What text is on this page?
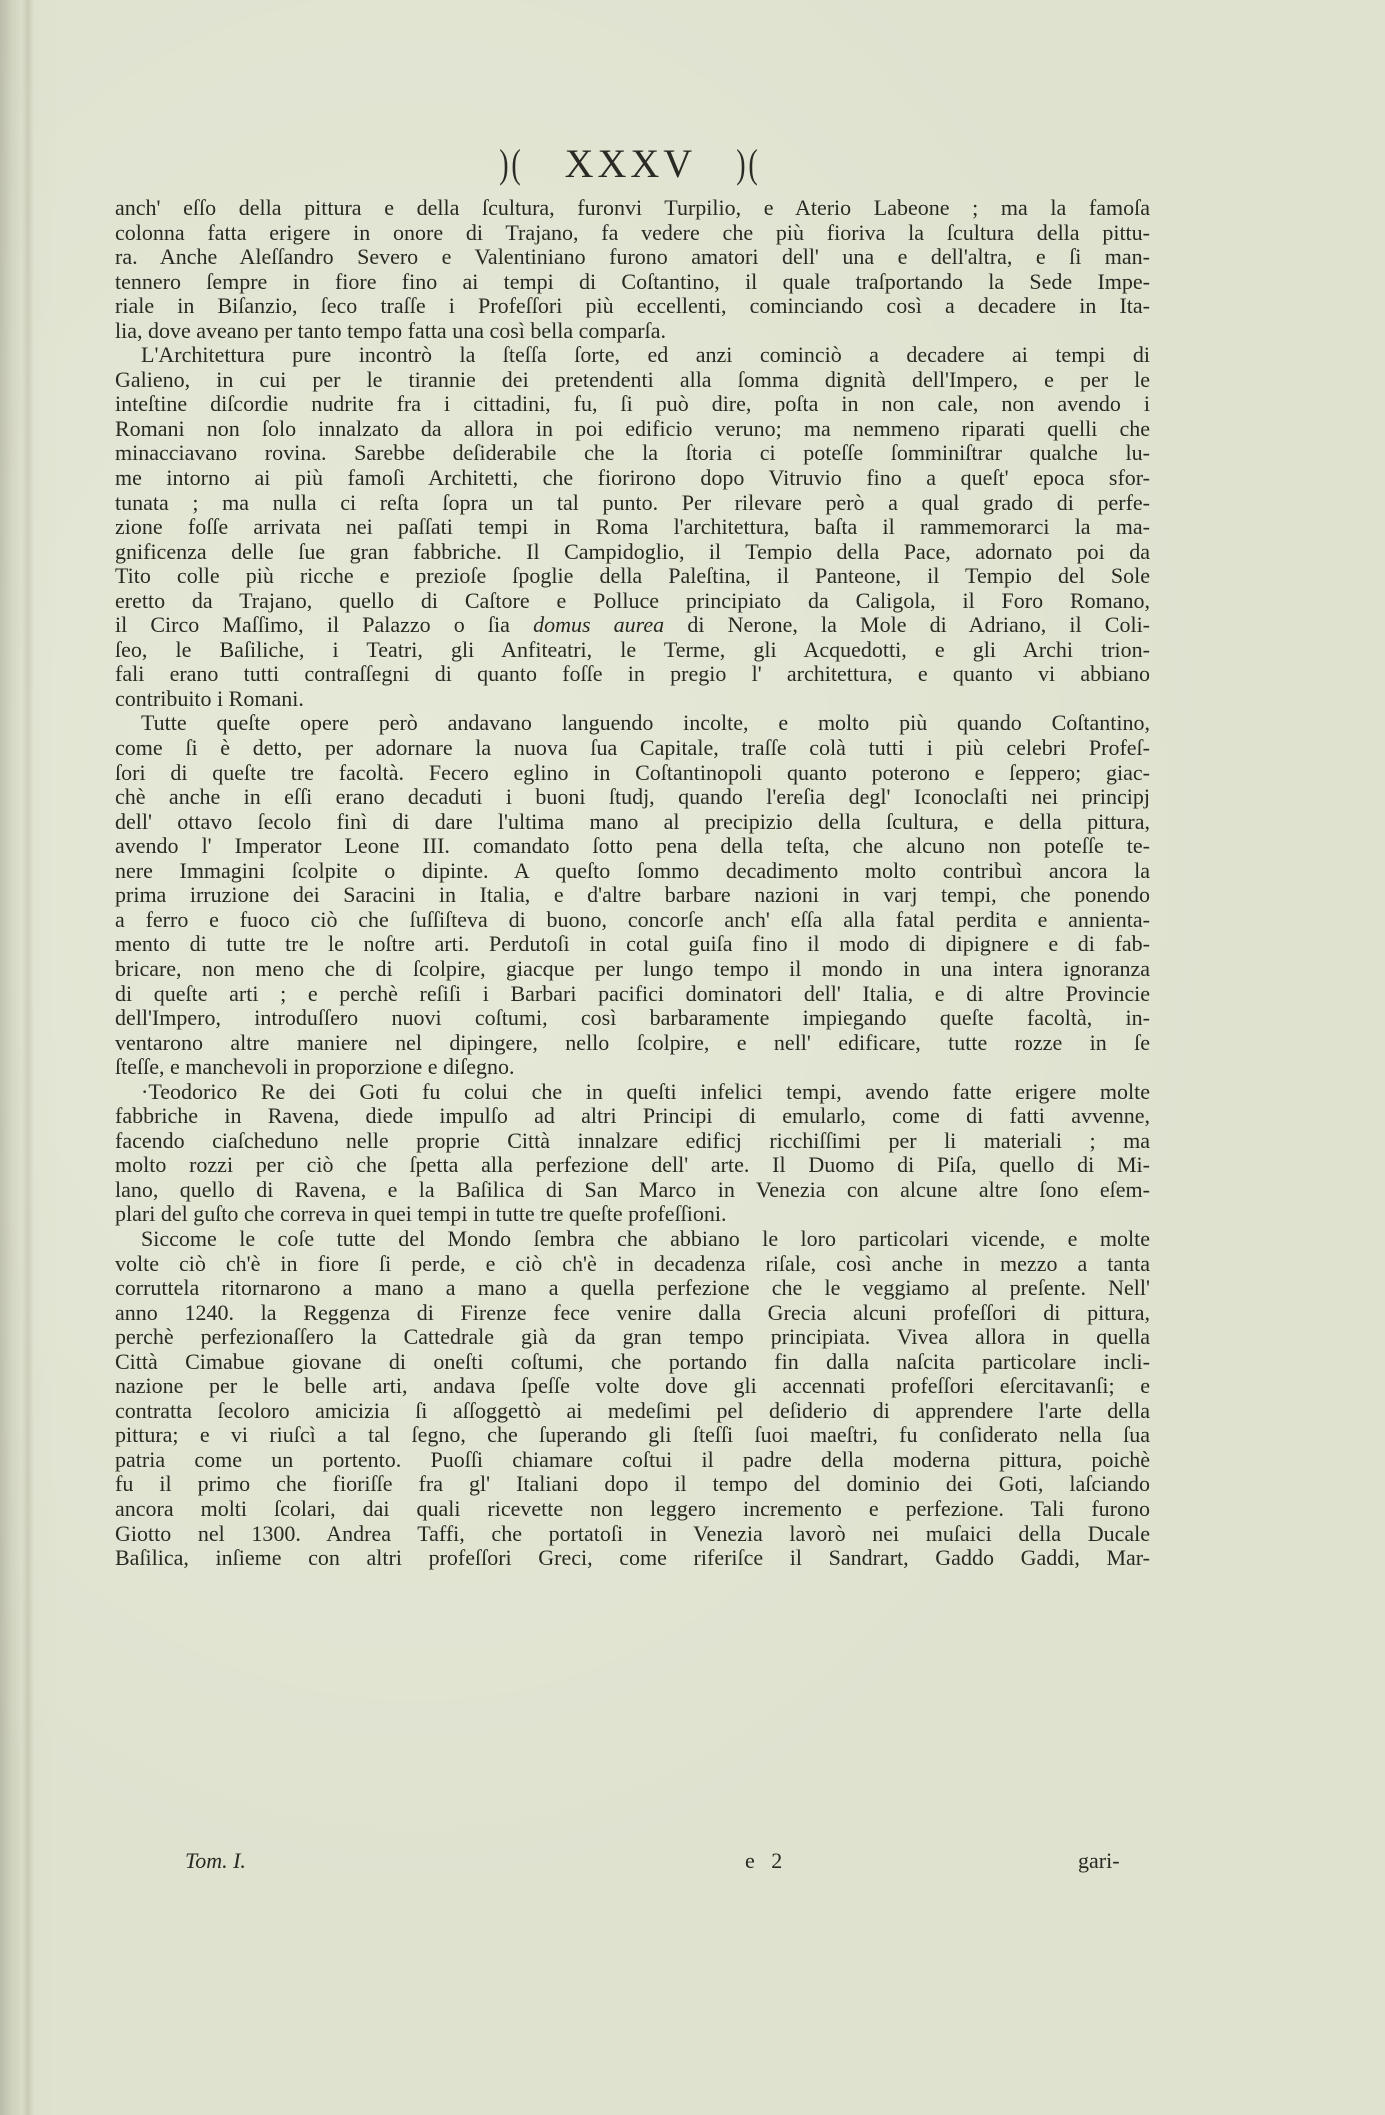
)( XXXV )(
anch' eſſo della pittura e della ſcultura, furonvi Turpilio, e Aterio Labeone ; ma la famoſa
colonna fatta erigere in onore di Trajano, fa vedere che più fioriva la ſcultura della pittu-
ra. Anche Aleſſandro Severo e Valentiniano furono amatori dell' una e dell'altra, e ſi man-
tennero ſempre in fiore fino ai tempi di Coſtantino, il quale traſportando la Sede Impe-
riale in Biſanzio, ſeco traſſe i Profeſſori più eccellenti, cominciando così a decadere in Ita-
lia, dove aveano per tanto tempo fatta una così bella comparſa.
L'Architettura pure incontrò la ſteſſa ſorte, ed anzi cominciò a decadere ai tempi di
Galieno, in cui per le tirannie dei pretendenti alla ſomma dignità dell'Impero, e per le
inteſtine diſcordie nudrite fra i cittadini, fu, ſi può dire, poſta in non cale, non avendo i
Romani non ſolo innalzato da allora in poi edificio veruno; ma nemmeno riparati quelli che
minacciavano rovina. Sarebbe deſiderabile che la ſtoria ci poteſſe ſomminiſtrar qualche lu-
me intorno ai più famoſi Architetti, che fiorirono dopo Vitruvio fino a queſt' epoca sfor-
tunata ; ma nulla ci reſta ſopra un tal punto. Per rilevare però a qual grado di perfe-
zione foſſe arrivata nei paſſati tempi in Roma l'architettura, baſta il rammemorarci la ma-
gnificenza delle ſue gran fabbriche. Il Campidoglio, il Tempio della Pace, adornato poi da
Tito colle più ricche e prezioſe ſpoglie della Paleſtina, il Panteone, il Tempio del Sole
eretto da Trajano, quello di Caſtore e Polluce principiato da Caligola, il Foro Romano,
il Circo Maſſimo, il Palazzo o ſia domus aurea di Nerone, la Mole di Adriano, il Coli-
ſeo, le Baſiliche, i Teatri, gli Anfiteatri, le Terme, gli Acquedotti, e gli Archi trion-
fali erano tutti contraſſegni di quanto foſſe in pregio l' architettura, e quanto vi abbiano
contribuito i Romani.
Tutte queſte opere però andavano languendo incolte, e molto più quando Coſtantino,
come ſi è detto, per adornare la nuova ſua Capitale, traſſe colà tutti i più celebri Profeſ-
ſori di queſte tre facoltà. Fecero eglino in Coſtantinopoli quanto poterono e ſeppero; giac-
chè anche in eſſi erano decaduti i buoni ſtudj, quando l'ereſia degl' Iconoclaſti nei principj
dell' ottavo ſecolo finì di dare l'ultima mano al precipizio della ſcultura, e della pittura,
avendo l' Imperator Leone III. comandato ſotto pena della teſta, che alcuno non poteſſe te-
nere Immagini ſcolpite o dipinte. A queſto ſommo decadimento molto contribuì ancora la
prima irruzione dei Saracini in Italia, e d'altre barbare nazioni in varj tempi, che ponendo
a ferro e fuoco ciò che ſuſſiſteva di buono, concorſe anch' eſſa alla fatal perdita e annienta-
mento di tutte tre le noſtre arti. Perdutoſi in cotal guiſa fino il modo di dipignere e di fab-
bricare, non meno che di ſcolpire, giacque per lungo tempo il mondo in una intera ignoranza
di queſte arti ; e perchè reſiſi i Barbari pacifici dominatori dell' Italia, e di altre Provincie
dell'Impero, introduſſero nuovi coſtumi, così barbaramente impiegando queſte facoltà, in-
ventarono altre maniere nel dipingere, nello ſcolpire, e nell' edificare, tutte rozze in ſe
ſteſſe, e manchevoli in proporzione e diſegno.
·Teodorico Re dei Goti fu colui che in queſti infelici tempi, avendo fatte erigere molte
fabbriche in Ravena, diede impulſo ad altri Principi di emularlo, come di fatti avvenne,
facendo ciaſcheduno nelle proprie Città innalzare edificj ricchiſſimi per li materiali ; ma
molto rozzi per ciò che ſpetta alla perfezione dell' arte. Il Duomo di Piſa, quello di Mi-
lano, quello di Ravena, e la Baſilica di San Marco in Venezia con alcune altre ſono eſem-
plari del guſto che correva in quei tempi in tutte tre queſte profeſſioni.
Siccome le coſe tutte del Mondo ſembra che abbiano le loro particolari vicende, e molte
volte ciò ch'è in fiore ſi perde, e ciò ch'è in decadenza riſale, così anche in mezzo a tanta
corruttela ritornarono a mano a mano a quella perfezione che le veggiamo al preſente. Nell'
anno 1240. la Reggenza di Firenze fece venire dalla Grecia alcuni profeſſori di pittura,
perchè perfezionaſſero la Cattedrale già da gran tempo principiata. Vivea allora in quella
Città Cimabue giovane di oneſti coſtumi, che portando fin dalla naſcita particolare incli-
nazione per le belle arti, andava ſpeſſe volte dove gli accennati profeſſori eſercitavanſi; e
contratta ſecoloro amicizia ſi aſſoggettò ai medeſimi pel deſiderio di apprendere l'arte della
pittura; e vi riuſcì a tal ſegno, che ſuperando gli ſteſſi ſuoi maeſtri, fu conſiderato nella ſua
patria come un portento. Puoſſi chiamare coſtui il padre della moderna pittura, poichè
fu il primo che fioriſſe fra gl' Italiani dopo il tempo del dominio dei Goti, laſciando
ancora molti ſcolari, dai quali ricevette non leggero incremento e perfezione. Tali furono
Giotto nel 1300. Andrea Taffi, che portatoſi in Venezia lavorò nei muſaici della Ducale
Baſilica, inſieme con altri profeſſori Greci, come riferiſce il Sandrart, Gaddo Gaddi, Mar-
Tom. I.	e   2	gari-
